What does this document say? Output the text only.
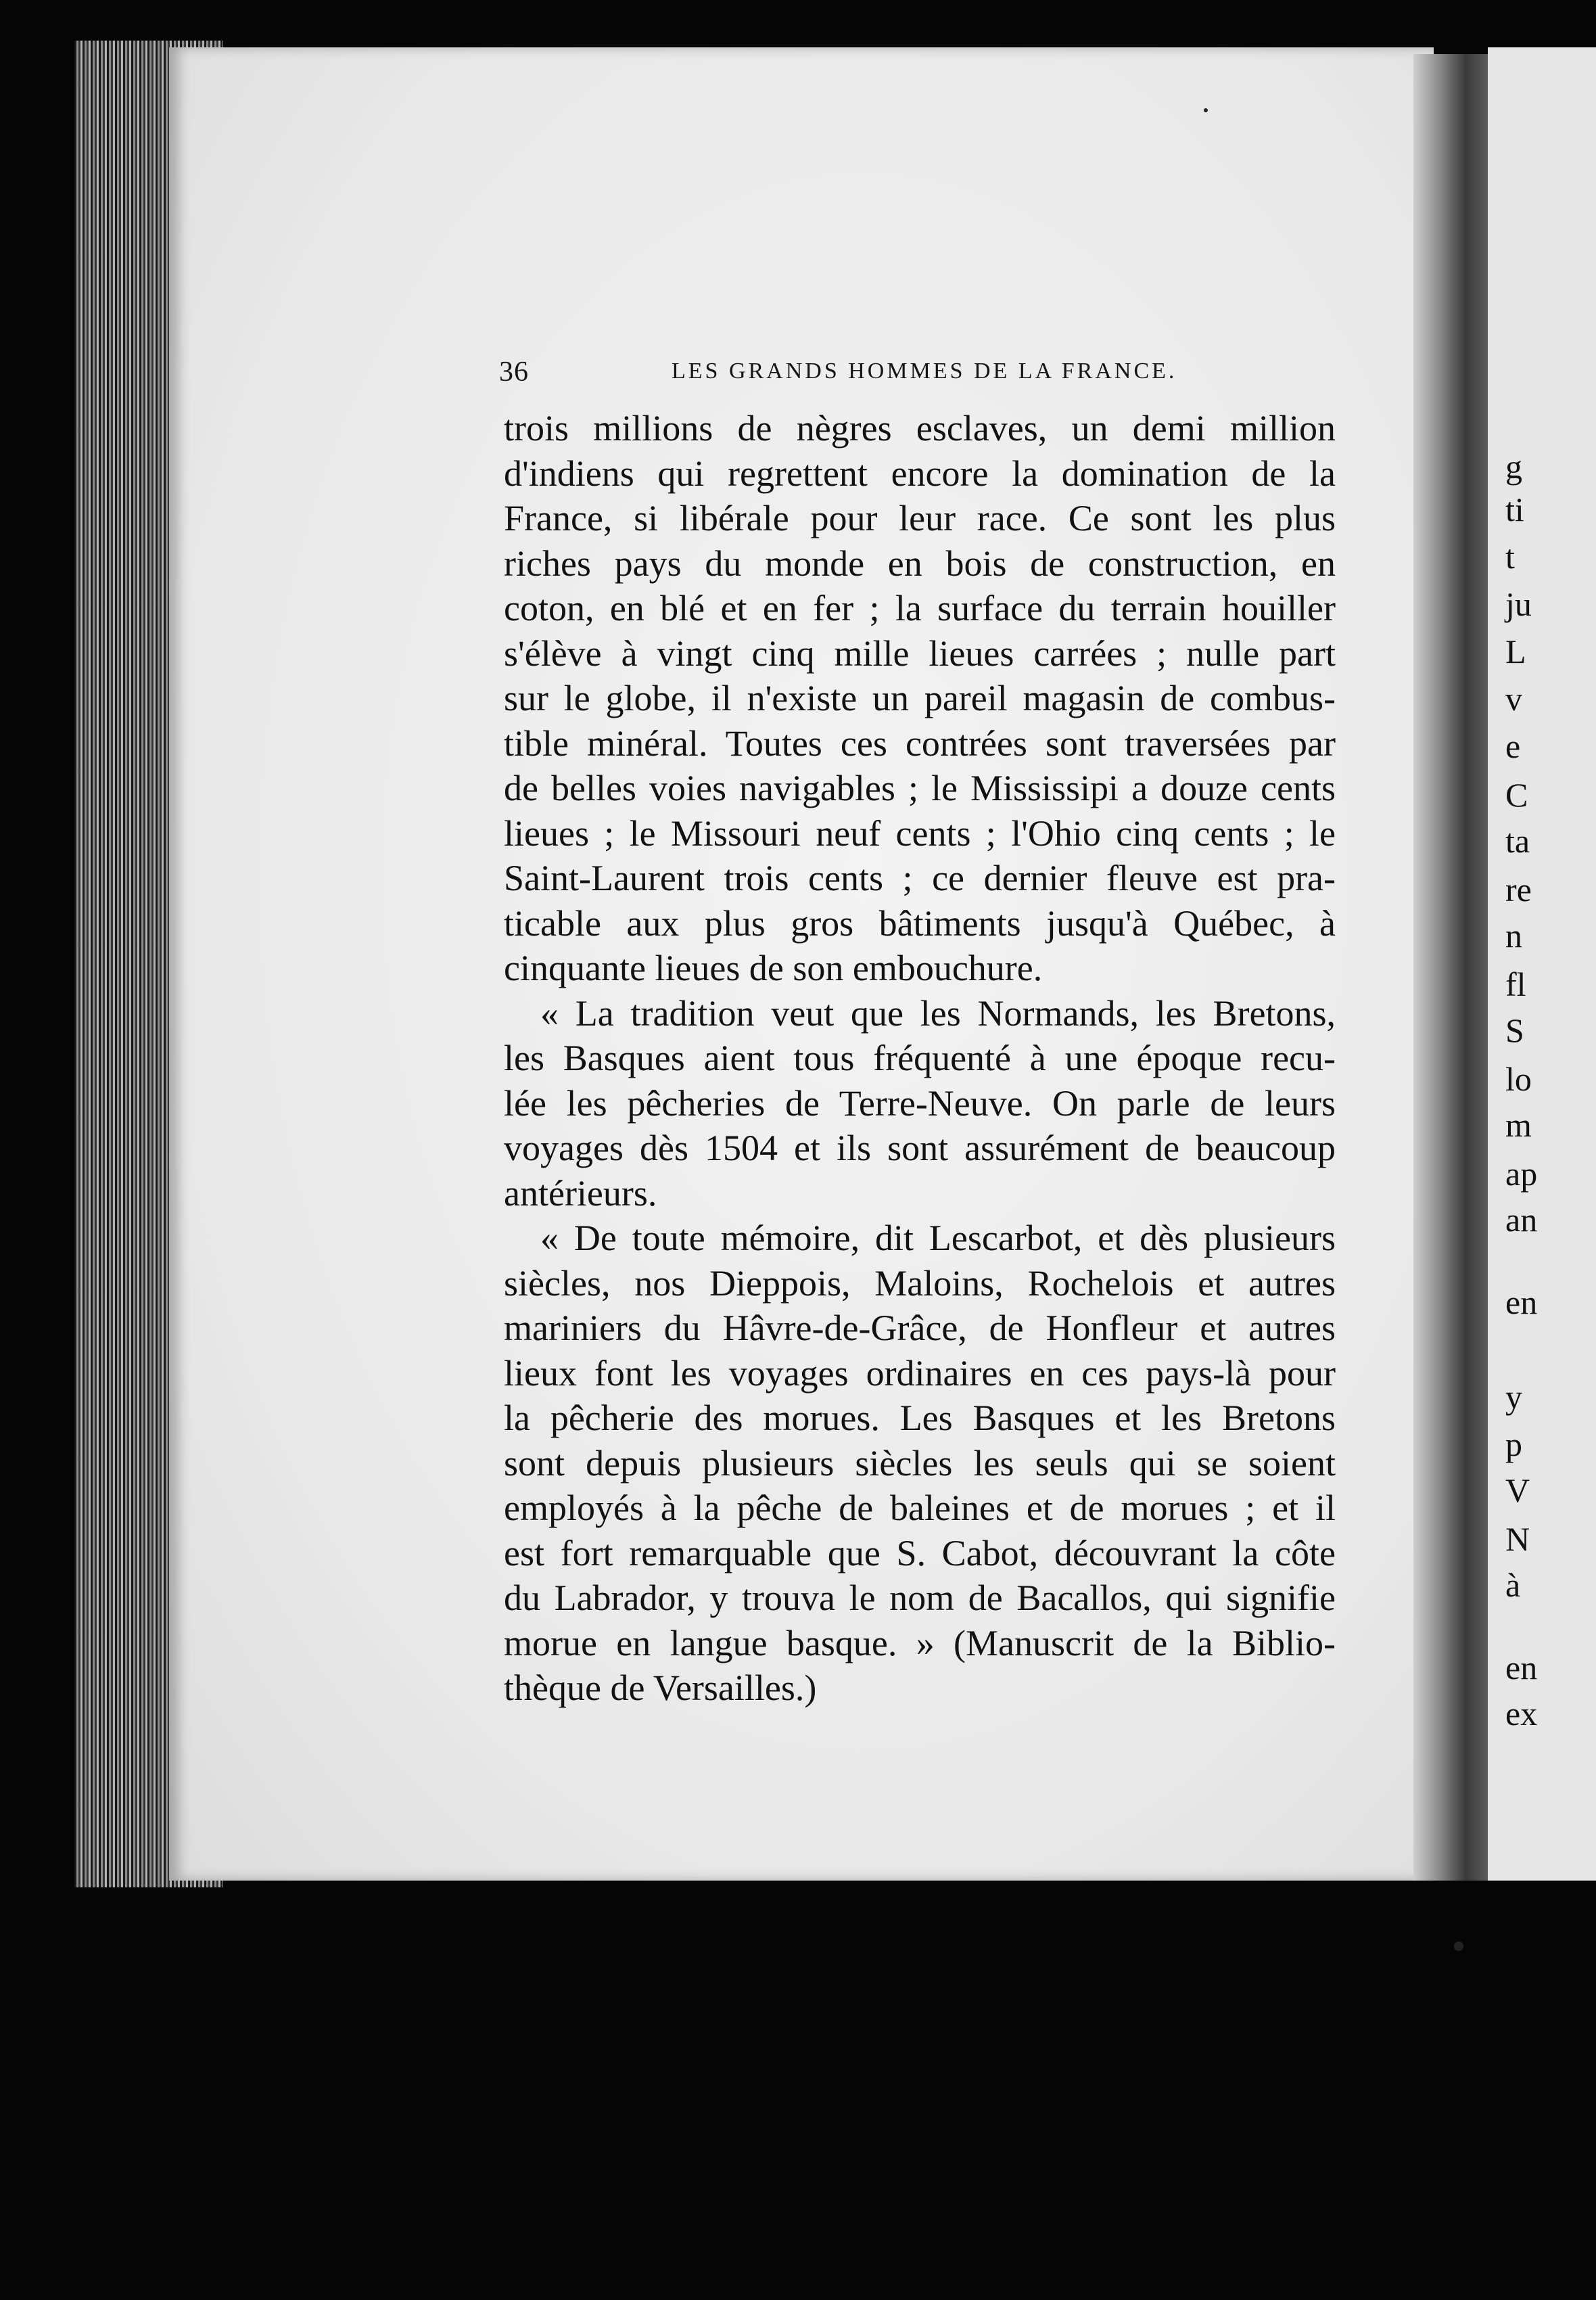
g
ti
t
ju
L
v
e
C
ta
re
n
fl
S
lo
m
ap
an
en
y
p
V
N
à
en
ex
36	LES GRANDS HOMMES DE LA FRANCE.
trois millions de nègres esclaves, un demi million
d'indiens qui regrettent encore la domination de la
France, si libérale pour leur race. Ce sont les plus
riches pays du monde en bois de construction, en
coton, en blé et en fer ; la surface du terrain houiller
s'élève à vingt cinq mille lieues carrées ; nulle part
sur le globe, il n'existe un pareil magasin de combus-
tible minéral. Toutes ces contrées sont traversées par
de belles voies navigables ; le Mississipi a douze cents
lieues ; le Missouri neuf cents ; l'Ohio cinq cents ; le
Saint-Laurent trois cents ; ce dernier fleuve est pra-
ticable aux plus gros bâtiments jusqu'à Québec, à
cinquante lieues de son embouchure.
« La tradition veut que les Normands, les Bretons,
les Basques aient tous fréquenté à une époque recu-
lée les pêcheries de Terre-Neuve. On parle de leurs
voyages dès 1504 et ils sont assurément de beaucoup
antérieurs.
« De toute mémoire, dit Lescarbot, et dès plusieurs
siècles, nos Dieppois, Maloins, Rochelois et autres
mariniers du Hâvre-de-Grâce, de Honfleur et autres
lieux font les voyages ordinaires en ces pays-là pour
la pêcherie des morues. Les Basques et les Bretons
sont depuis plusieurs siècles les seuls qui se soient
employés à la pêche de baleines et de morues ; et il
est fort remarquable que S. Cabot, découvrant la côte
du Labrador, y trouva le nom de Bacallos, qui signifie
morue en langue basque. » (Manuscrit de la Biblio-
thèque de Versailles.)
